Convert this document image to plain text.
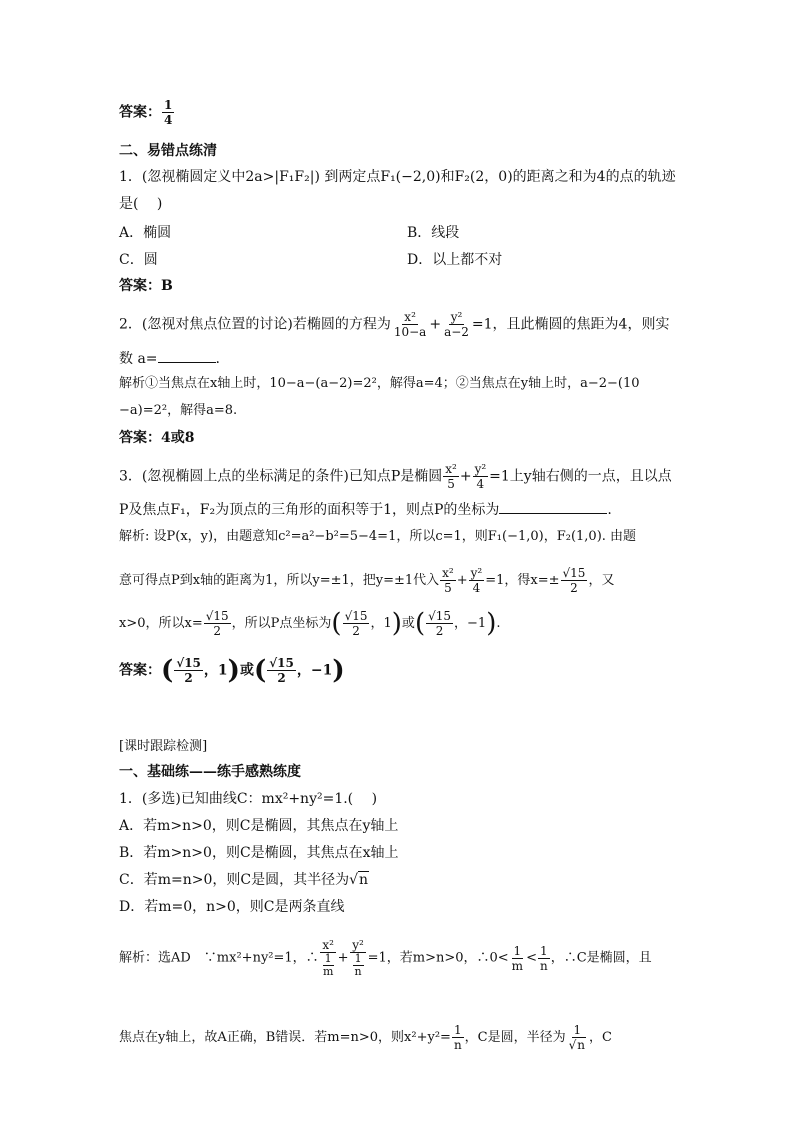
答案： $\frac{1}{4}$
二、易错点练清
1．(忽视椭圆定义中2a>|F₁F₂|) 到两定点F₁(−2,0)和F₂(2，0)的距离之和为4的点的轨迹
是(　 )
A．椭圆	B．线段
C．圆	D．以上都不对
答案：B
2．(忽视对焦点位置的讨论)若椭圆的方程为 $\frac{\text{x²}}{10-a} + \frac{\text{y²}}{a-2} =1$，且此椭圆的焦距为4，则实
数 a=	.
解析①当焦点在x轴上时，10−a−(a−2)=2²，解得a=4；②当焦点在y轴上时，a−2−(10
−a)=2²，解得a=8.
答案：4或8
3．(忽视椭圆上点的坐标满足的条件)已知点P是椭圆 $\frac{\text{x²}}{5} + \frac{\text{y²}}{4} =1$上y轴右侧的一点，且以点
P及焦点F₁，F₂为顶点的三角形的面积等于1，则点P的坐标为	.
解析: 设P(x，y)，由题意知c²=a²−b²=5−4=1，所以c=1，则F₁(−1,0)，F₂(1,0). 由题
意可得点P到x轴的距离为1，所以y=±1，把y=±1代入 $\frac{\text{x²}}{5} + \frac{\text{y²}}{4} =1$，得$x=\pm \frac{√15}{2}$ ，又
x>0，所以$x= \frac{√15}{2}$ ，所以P点坐标为( $\frac{√15}{2}$ ，1)或( $\frac{√15}{2}$ ，−1).
答案：( $\frac{√15}{2}$ ，1)或( $\frac{√15}{2}$ ，−1)
[课时跟踪检测]
一、基础练——练手感熟练度
1．(多选)已知曲线C：mx²+ny²=1.(　 )
A．若m>n>0，则C是椭圆，其焦点在y轴上
B．若m>n>0，则C是椭圆，其焦点在x轴上
C．若m=n>0，则C是圆，其半径为√n
D．若m=0，n>0，则C是两条直线
解析：选AD　∵mx²+ny²=1，∴ $\frac{\text{x²}}{\frac{1}{m}} + \frac{\text{y²}}{\frac{1}{n}} =1$，若m>n>0，∴0< $\frac{1}{m} < \frac{1}{n}$ ，∴C是椭圆，且
焦点在y轴上，故A正确，B错误．若m=n>0，则$x^2+y^2= \frac{1}{n}$ ，C是圆，半径为 $\frac{1}{√n}$ ，C
